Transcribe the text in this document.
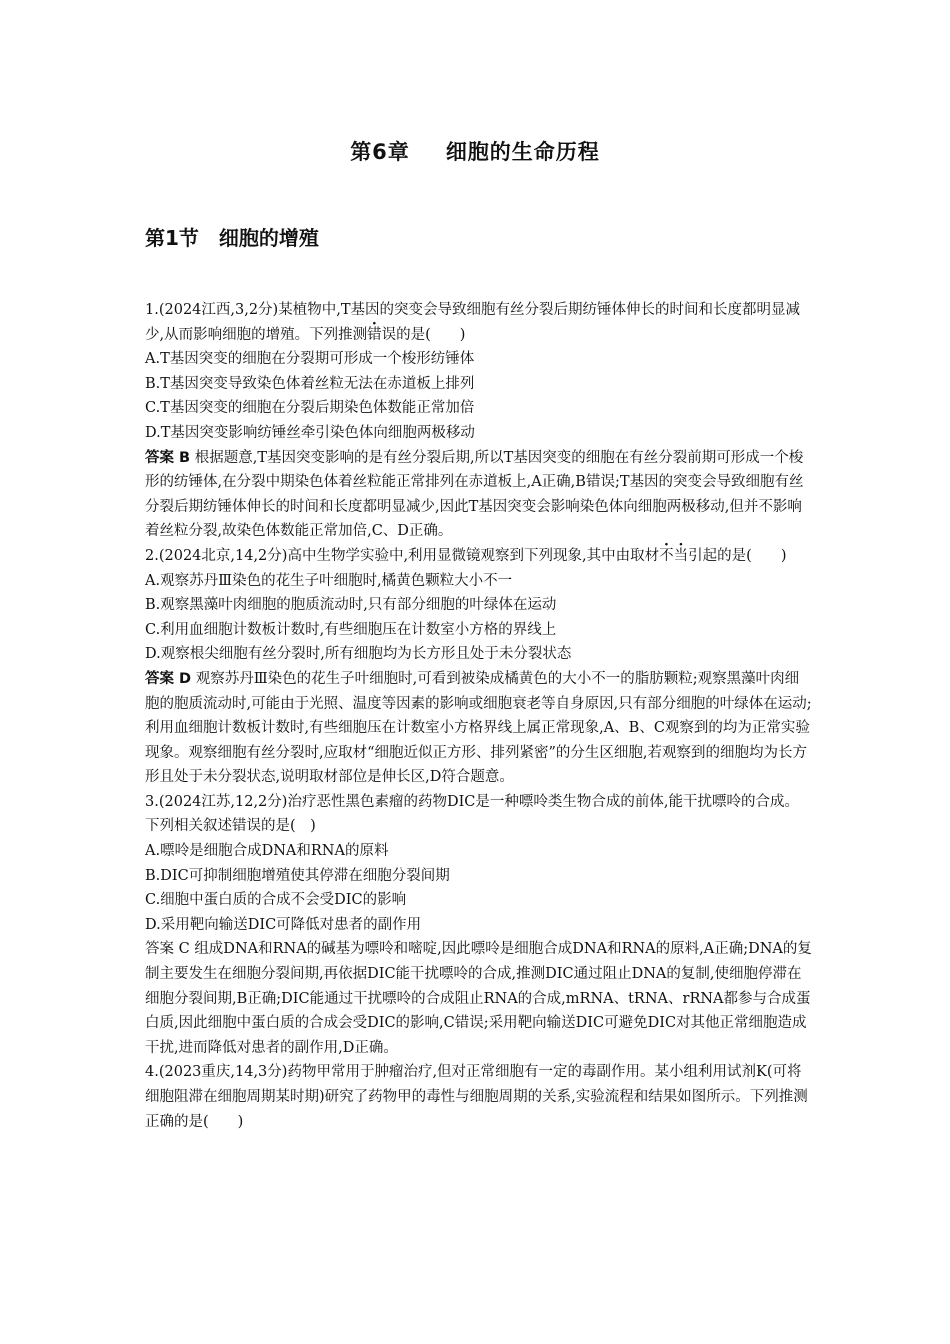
第6章 细胞的生命历程
第1节 细胞的增殖

1.(2024江西,3,2分)某植物中,T基因的突变会导致细胞有丝分裂后期纺锤体伸长的时间和长度都明显减少,从而影响细胞的增殖。下列推测错误的是(　　)

A.T基因突变的细胞在分裂期可形成一个梭形纺锤体

B.T基因突变导致染色体着丝粒无法在赤道板上排列

C.T基因突变的细胞在分裂后期染色体数能正常加倍

D.T基因突变影响纺锤丝牵引染色体向细胞两极移动

答案 B 根据题意,T基因突变影响的是有丝分裂后期,所以T基因突变的细胞在有丝分裂前期可形成一个梭形的纺锤体,在分裂中期染色体着丝粒能正常排列在赤道板上,A正确,B错误;T基因的突变会导致细胞有丝分裂后期纺锤体伸长的时间和长度都明显减少,因此T基因突变会影响染色体向细胞两极移动,但并不影响着丝粒分裂,故染色体数能正常加倍,C、D正确。

2.(2024北京,14,2分)高中生物学实验中,利用显微镜观察到下列现象,其中由取材不当引起的是(　　)

A.观察苏丹Ⅲ染色的花生子叶细胞时,橘黄色颗粒大小不一

B.观察黑藻叶肉细胞的胞质流动时,只有部分细胞的叶绿体在运动

C.利用血细胞计数板计数时,有些细胞压在计数室小方格的界线上

D.观察根尖细胞有丝分裂时,所有细胞均为长方形且处于未分裂状态

答案 D 观察苏丹Ⅲ染色的花生子叶细胞时,可看到被染成橘黄色的大小不一的脂肪颗粒;观察黑藻叶肉细胞的胞质流动时,可能由于光照、温度等因素的影响或细胞衰老等自身原因,只有部分细胞的叶绿体在运动;利用血细胞计数板计数时,有些细胞压在计数室小方格界线上属正常现象,A、B、C观察到的均为正常实验现象。观察细胞有丝分裂时,应取材“细胞近似正方形、排列紧密”的分生区细胞,若观察到的细胞均为长方形且处于未分裂状态,说明取材部位是伸长区,D符合题意。

3.(2024江苏,12,2分)治疗恶性黑色素瘤的药物DIC是一种嘌呤类生物合成的前体,能干扰嘌呤的合成。下列相关叙述错误的是(　)

A.嘌呤是细胞合成DNA和RNA的原料

B.DIC可抑制细胞增殖使其停滞在细胞分裂间期

C.细胞中蛋白质的合成不会受DIC的影响

D.采用靶向输送DIC可降低对患者的副作用

答案 C 组成DNA和RNA的碱基为嘌呤和嘧啶,因此嘌呤是细胞合成DNA和RNA的原料,A正确;DNA的复制主要发生在细胞分裂间期,再依据DIC能干扰嘌呤的合成,推测DIC通过阻止DNA的复制,使细胞停滞在细胞分裂间期,B正确;DIC能通过干扰嘌呤的合成阻止RNA的合成,mRNA、tRNA、rRNA都参与合成蛋白质,因此细胞中蛋白质的合成会受DIC的影响,C错误;采用靶向输送DIC可避免DIC对其他正常细胞造成干扰,进而降低对患者的副作用,D正确。

4.(2023重庆,14,3分)药物甲常用于肿瘤治疗,但对正常细胞有一定的毒副作用。某小组利用试剂K(可将细胞阻滞在细胞周期某时期)研究了药物甲的毒性与细胞周期的关系,实验流程和结果如图所示。下列推测正确的是(　　)
